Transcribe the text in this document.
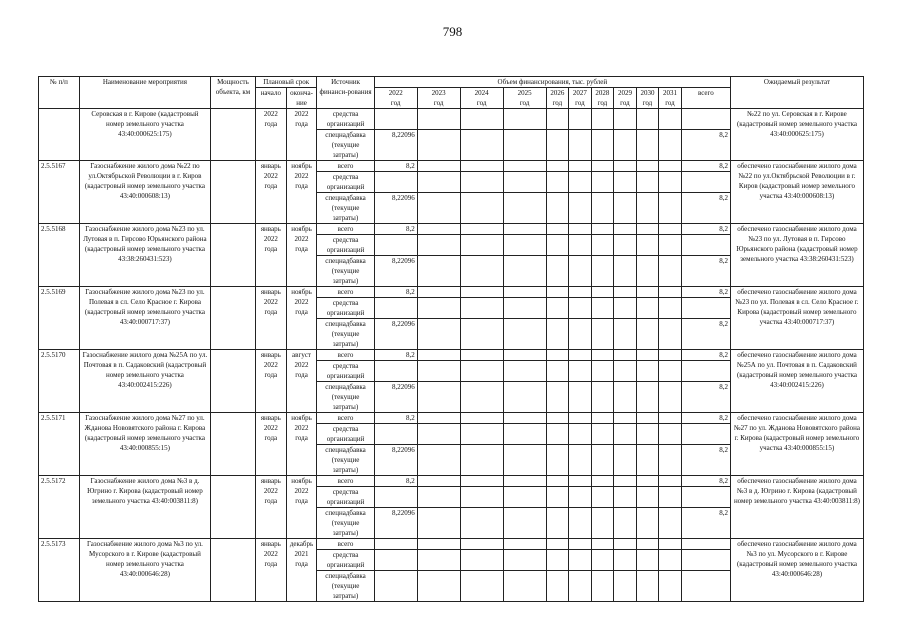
798
№ п/п	Наименование мероприятия	Мощность объекта, км	Плановый срок		Источник финанси-рования	Объем финансирования, тыс. рублей											Ожидаемый результат
			начало	оконча-ние		2022	2023	2024	2025	2026	2027	2028	2029	2030	2031	всего	
						год	год	год	год	год	год	год	год	год	год		
	Серовская в г. Кирове (кадастровый номер земельного участка 43:40:000625:175)		2022 года	2022 года	средства организаций												№22 по ул. Серовская в г. Кирове (кадастровый номер земельного участка 43:40:000625:175)
					спецнадбавка (текущие затраты)	8,22096										8,2	
2.5.5167	Газоснабжение жилого дома №22 по ул.Октябрьской Революции в г. Киров (кадастровый номер земельного участка 43:40:000608:13)		январь 2022 года	ноябрь 2022 года	всего	8,2										8,2	обеспечено газоснабжение жилого дома №22 по ул.Октябрьской Революции в г. Киров (кадастровый номер земельного участка 43:40:000608:13)
					средства организаций												
					спецнадбавка (текущие затраты)	8,22096										8,2	
2.5.5168	Газоснабжение жилого дома №23 по ул. Лутовая в п. Гирсово Юрьянского района (кадастровый номер земельного участка 43:38:260431:523)		январь 2022 года	ноябрь 2022 года	всего	8,2										8,2	обеспечено газоснабжение жилого дома №23 по ул. Лутовая в п. Гирсово Юрьянского района (кадастровый номер земельного участка 43:38:260431:523)
					средства организаций												
					спецнадбавка (текущие затраты)	8,22096										8,2	
2.5.5169	Газоснабжение жилого дома №23 по ул. Полевая в сл. Село Красное г. Кирова (кадастровый номер земельного участка 43:40:000717:37)		январь 2022 года	ноябрь 2022 года	всего	8,2										8,2	обеспечено газоснабжение жилого дома №23 по ул. Полевая в сл. Село Красное г. Кирова (кадастровый номер земельного участка 43:40:000717:37)
					средства организаций												
					спецнадбавка (текущие затраты)	8,22096										8,2	
2.5.5170	Газоснабжение жилого дома №25А по ул. Почтовая в п. Садаковский (кадастровый номер земельного участка 43:40:002415:226)		январь 2022 года	август 2022 года	всего	8,2										8,2	обеспечено газоснабжение жилого дома №25А по ул. Почтовая в п. Садаковский (кадастровый номер земельного участка 43:40:002415:226)
					средства организаций												
					спецнадбавка (текущие затраты)	8,22096										8,2	
2.5.5171	Газоснабжение жилого дома №27 по ул. Жданова Нововятского района г. Кирова (кадастровый номер земельного участка 43:40:000855:15)		январь 2022 года	ноябрь 2022 года	всего	8,2										8,2	обеспечено газоснабжение жилого дома №27 по ул. Жданова Нововятского района г. Кирова (кадастровый номер земельного участка 43:40:000855:15)
					средства организаций												
					спецнадбавка (текущие затраты)	8,22096										8,2	
2.5.5172	Газоснабжение жилого дома №3 в д. Югрино г. Кирова (кадастровый номер земельного участка 43:40:003811:8)		январь 2022 года	ноябрь 2022 года	всего	8,2										8,2	обеспечено газоснабжение жилого дома №3 в д. Югрино г. Кирова (кадастровый номер земельного участка 43:40:003811:8)
					средства организаций												
					спецнадбавка (текущие затраты)	8,22096										8,2	
2.5.5173	Газоснабжение жилого дома №3 по ул. Мусорского в г. Кирове (кадастровый номер земельного участка 43:40:000646:28)		январь 2022 года	декабрь 2021 года	всего												обеспечено газоснабжение жилого дома №3 по ул. Мусорского в г. Кирове (кадастровый номер земельного участка 43:40:000646:28)
					средства организаций												
					спецнадбавка (текущие затраты)												
